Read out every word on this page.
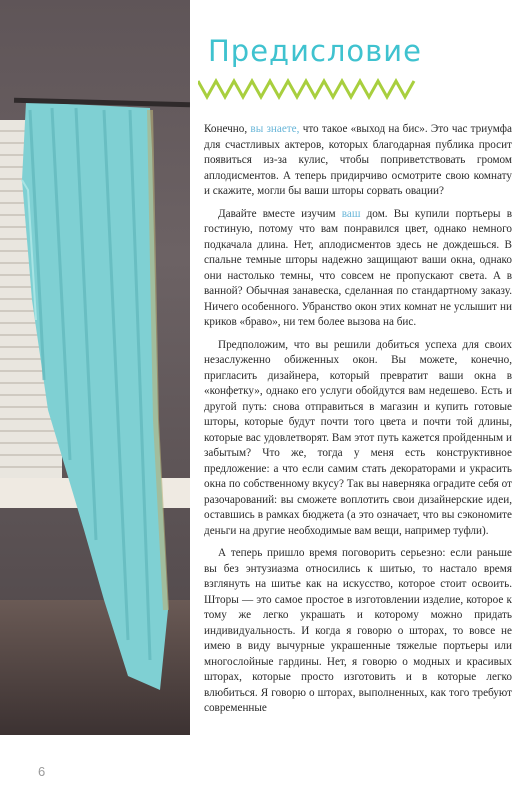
Предисловие

Конечно, вы знаете, что такое «выход на бис». Это час триумфа для счастливых актеров, которых благодарная публика просит появиться из-за кулис, чтобы поприветствовать громом аплодисментов. А теперь придирчиво осмотрите свою комнату и скажите, могли бы ваши шторы сорвать овации?

Давайте вместе изучим ваш дом. Вы купили портьеры в гостиную, потому что вам понравился цвет, однако немного подкачала длина. Нет, аплодисментов здесь не дождешься. В спальне темные шторы надежно защищают ваши окна, однако они настолько темны, что совсем не пропускают света. А в ванной? Обычная занавеска, сделанная по стандартному заказу. Ничего особенного. Убранство окон этих комнат не услышит ни криков «браво», ни тем более вызова на бис.

Предположим, что вы решили добиться успеха для своих незаслуженно обиженных окон. Вы можете, конечно, пригласить дизайнера, который превратит ваши окна в «конфетку», однако его услуги обойдутся вам недешево. Есть и другой путь: снова отправиться в магазин и купить готовые шторы, которые будут почти того цвета и почти той длины, которые вас удовлетворят. Вам этот путь кажется пройденным и забытым? Что же, тогда у меня есть конструктивное предложение: а что если самим стать декораторами и украсить окна по собственному вкусу? Так вы наверняка оградите себя от разочарований: вы сможете воплотить свои дизайнерские идеи, оставшись в рамках бюджета (а это означает, что вы сэкономите деньги на другие необходимые вам вещи, например туфли).

А теперь пришло время поговорить серьезно: если раньше вы без энтузиазма относились к шитью, то настало время взглянуть на шитье как на искусство, которое стоит освоить. Шторы — это самое простое в изготовлении изделие, которое к тому же легко украшать и которому можно придать индивидуальность. И когда я говорю о шторах, то вовсе не имею в виду вычурные украшенные тяжелые портьеры или многослойные гардины. Нет, я говорю о модных и красивых шторах, которые просто изготовить и в которые легко влюбиться. Я говорю о шторах, выполненных, как того требуют современные

6
